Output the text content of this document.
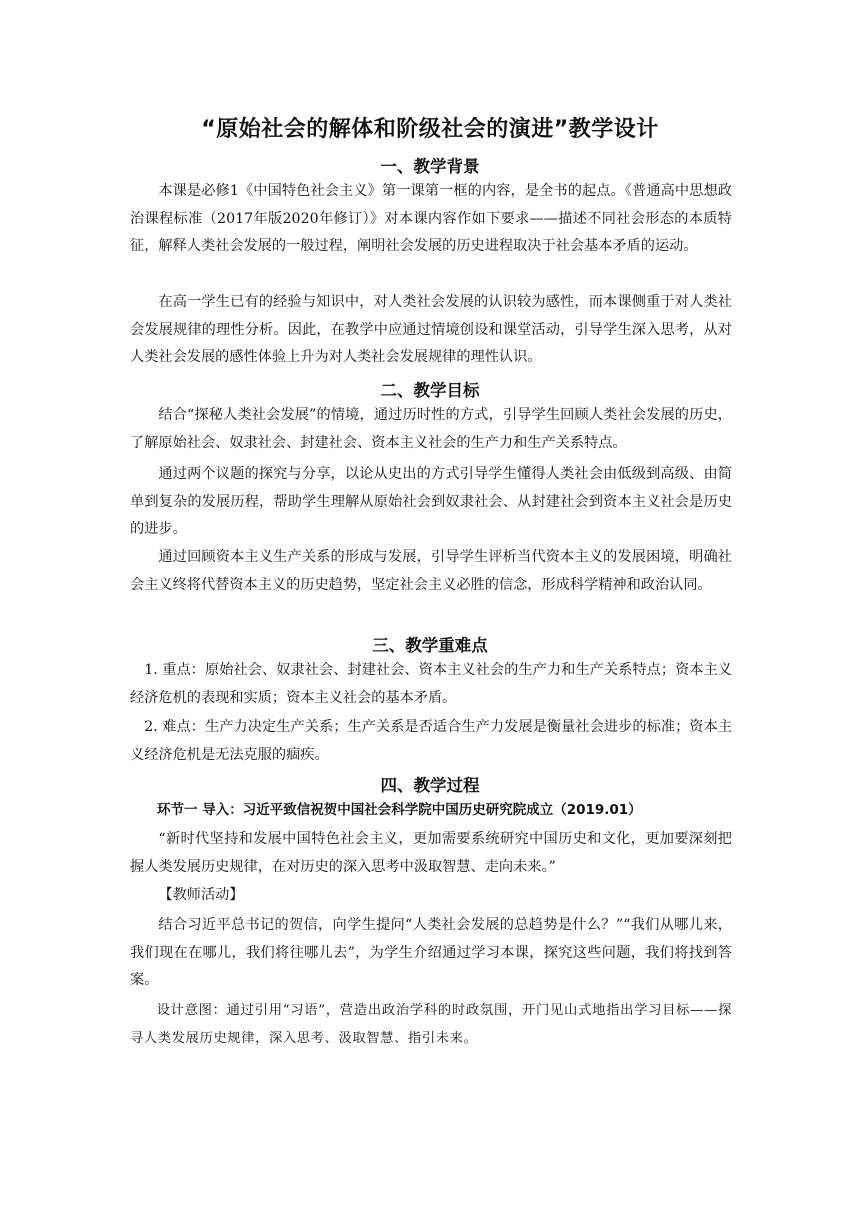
“原始社会的解体和阶级社会的演进”教学设计
一、教学背景
本课是必修1《中国特色社会主义》第一课第一框的内容，是全书的起点。《普通高中思想政治课程标准（2017年版2020年修订）》对本课内容作如下要求——描述不同社会形态的本质特征，解释人类社会发展的一般过程，阐明社会发展的历史进程取决于社会基本矛盾的运动。
在高一学生已有的经验与知识中，对人类社会发展的认识较为感性，而本课侧重于对人类社会发展规律的理性分析。因此，在教学中应通过情境创设和课堂活动，引导学生深入思考，从对人类社会发展的感性体验上升为对人类社会发展规律的理性认识。
二、教学目标
结合“探秘人类社会发展”的情境，通过历时性的方式，引导学生回顾人类社会发展的历史，了解原始社会、奴隶社会、封建社会、资本主义社会的生产力和生产关系特点。
通过两个议题的探究与分享，以论从史出的方式引导学生懂得人类社会由低级到高级、由简单到复杂的发展历程，帮助学生理解从原始社会到奴隶社会、从封建社会到资本主义社会是历史的进步。
通过回顾资本主义生产关系的形成与发展，引导学生评析当代资本主义的发展困境，明确社会主义终将代替资本主义的历史趋势，坚定社会主义必胜的信念，形成科学精神和政治认同。
三、教学重难点
1. 重点：原始社会、奴隶社会、封建社会、资本主义社会的生产力和生产关系特点；资本主义经济危机的表现和实质；资本主义社会的基本矛盾。
2. 难点：生产力决定生产关系；生产关系是否适合生产力发展是衡量社会进步的标准；资本主义经济危机是无法克服的痼疾。
四、教学过程
环节一 导入：习近平致信祝贺中国社会科学院中国历史研究院成立（2019.01）
“新时代坚持和发展中国特色社会主义，更加需要系统研究中国历史和文化，更加要深刻把握人类发展历史规律，在对历史的深入思考中汲取智慧、走向未来。”
【教师活动】
结合习近平总书记的贺信，向学生提问“人类社会发展的总趋势是什么？”“我们从哪儿来，我们现在在哪儿，我们将往哪儿去”，为学生介绍通过学习本课，探究这些问题，我们将找到答案。
设计意图：通过引用“习语”，营造出政治学科的时政氛围，开门见山式地指出学习目标——探寻人类发展历史规律，深入思考、汲取智慧、指引未来。
